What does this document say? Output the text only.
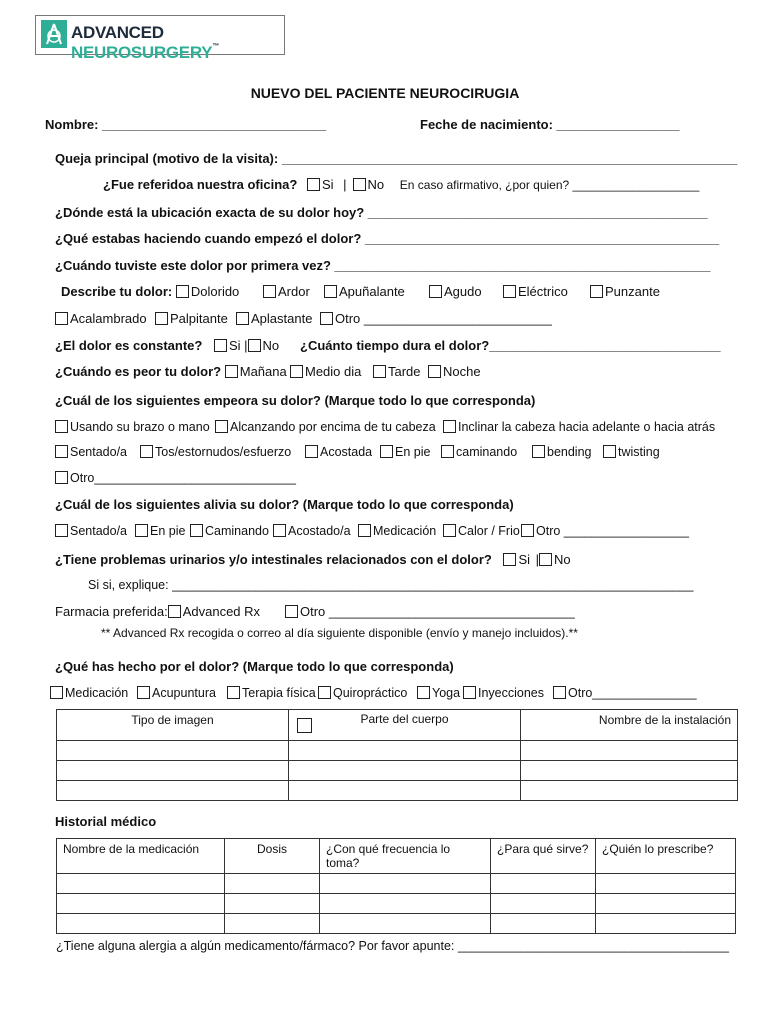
ADVANCED NEUROSURGERY™
NUEVO DEL PACIENTE NEUROCIRUGIA
Nombre: _______________________________	Feche de nacimiento: _________________
Queja principal (motivo de la visita): _______________________________________________________________
¿Fue referidoa nuestra oficina? Si | No En caso afirmativo, ¿por quien? ___________________
¿Dónde está la ubicación exacta de su dolor hoy? _______________________________________________
¿Qué estabas haciendo cuando empezó el dolor? _________________________________________________
¿Cuándo tuviste este dolor por primera vez? ____________________________________________________
Describe tu dolor: Dolorido	Ardor	Apuñalante	Agudo	Eléctrico	Punzante
Acalambrado	Palpitante	Aplastante	Otro __________________________
¿El dolor es constante? Si | No ¿Cuánto tiempo dura el dolor?________________________________
¿Cuándo es peor tu dolor? Mañana	Medio dia	Tarde	Noche
¿Cuál de los siguientes empeora su dolor? (Marque todo lo que corresponda)
Usando su brazo o mano	Alcanzando por encima de tu cabeza	Inclinar la cabeza hacia adelante o hacia atrás
Sentado/a	Tos/estornudos/esfuerzo	Acostada	En pie	caminando	bending	twisting
Otro_____________________________
¿Cuál de los siguientes alivia su dolor? (Marque todo lo que corresponda)
Sentado/a	En pie	Caminando	Acostado/a	Medicación	Calor / Frio	Otro __________________
¿Tiene problemas urinarios y/o intestinales relacionados con el dolor? Si | No
Si si, explique: ___________________________________________________________________________
Farmacia preferida: Advanced Rx	Otro __________________________________
** Advanced Rx recogida o correo al día siguiente disponible (envío y manejo incluidos).**
¿Qué has hecho por el dolor? (Marque todo lo que corresponda)
Medicación	Acupuntura	Terapia física	Quiropráctico	Yoga	Inyecciones	Otro_______________
Tipo de imagen	Parte del cuerpo	Nombre de la instalación

Historial médico
Nombre de la medicación	Dosis	¿Con qué frecuencia lo toma?	¿Para qué sirve?	¿Quién lo prescribe?

¿Tiene alguna alergia a algún medicamento/fármaco? Por favor apunte: _______________________________________
